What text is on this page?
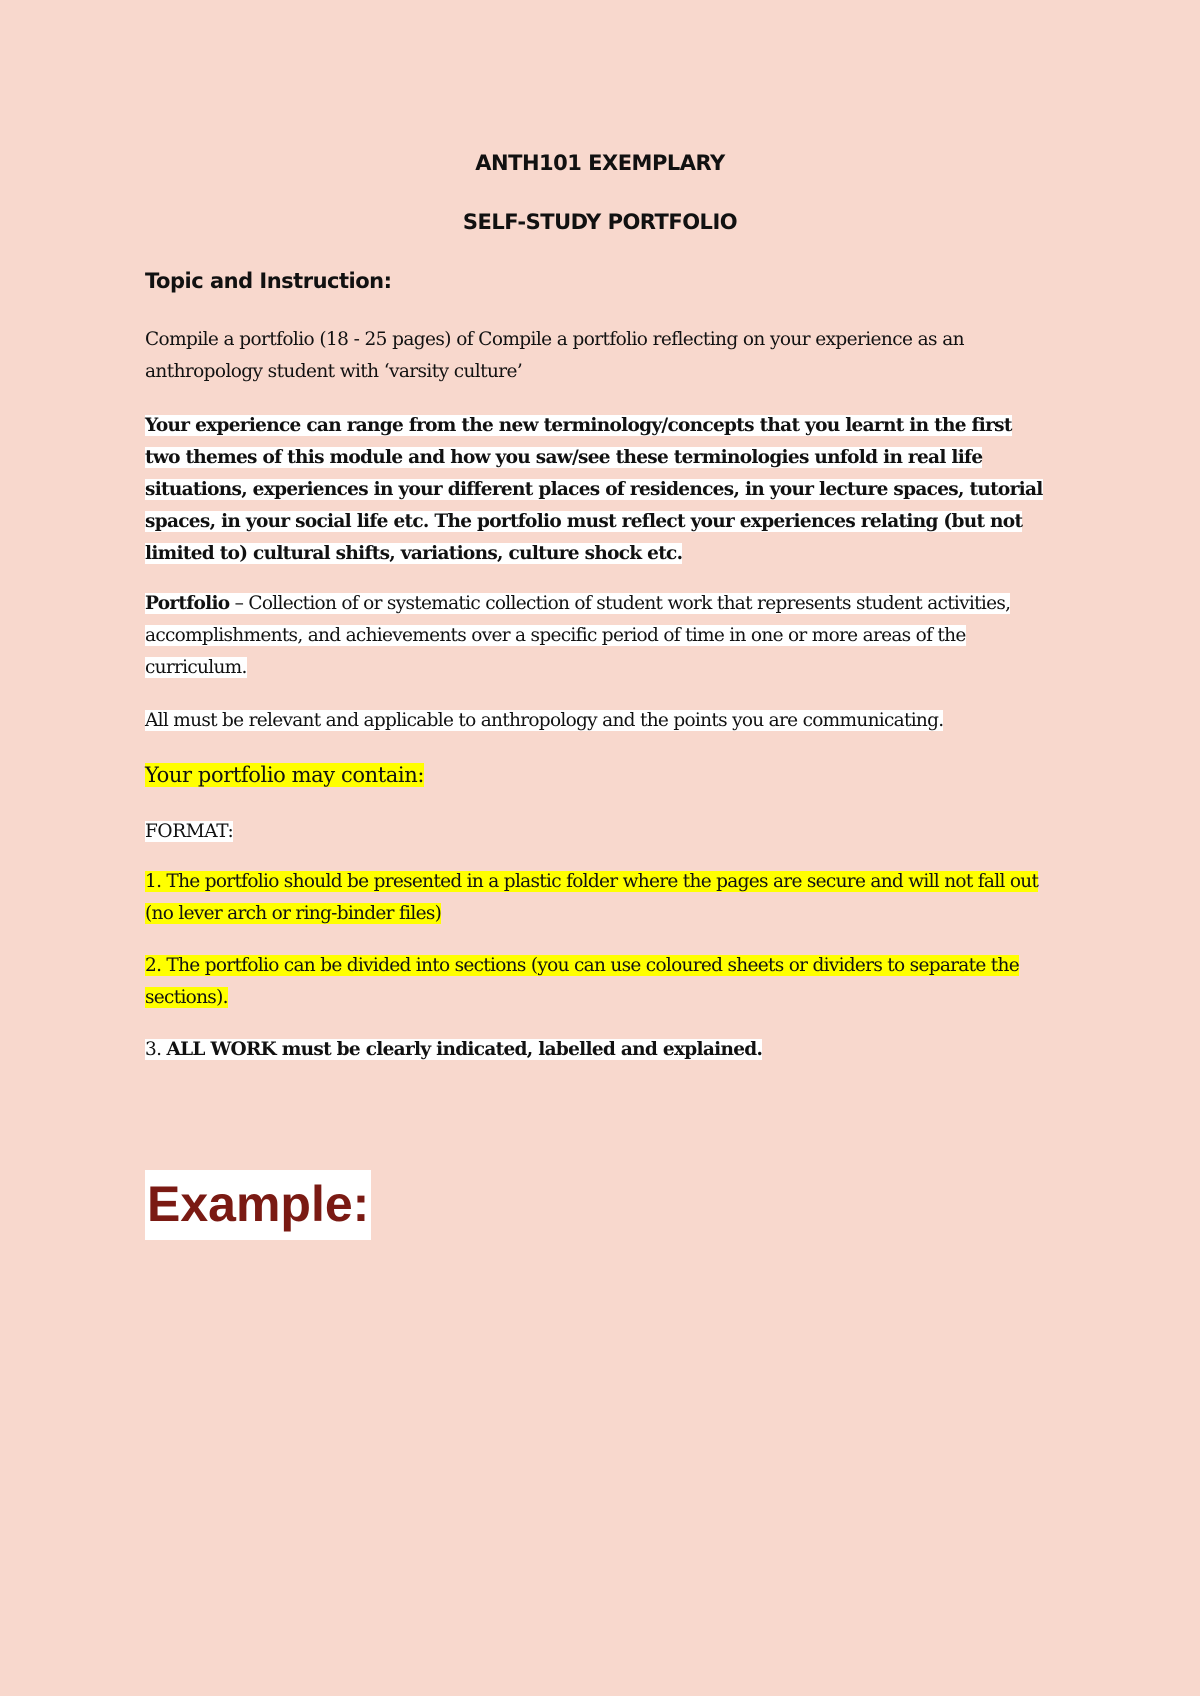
ANTH101 EXEMPLARY
SELF-STUDY PORTFOLIO
Topic and Instruction:
Compile a portfolio (18 - 25 pages) of Compile a portfolio reflecting on your experience as an anthropology student with ‘varsity culture’
Your experience can range from the new terminology/concepts that you learnt in the first two themes of this module and how you saw/see these terminologies unfold in real life situations, experiences in your different places of residences, in your lecture spaces, tutorial spaces, in your social life etc. The portfolio must reflect your experiences relating (but not limited to) cultural shifts, variations, culture shock etc.
Portfolio – Collection of or systematic collection of student work that represents student activities, accomplishments, and achievements over a specific period of time in one or more areas of the curriculum.
All must be relevant and applicable to anthropology and the points you are communicating.
Your portfolio may contain:
FORMAT:
1. The portfolio should be presented in a plastic folder where the pages are secure and will not fall out (no lever arch or ring-binder files)
2. The portfolio can be divided into sections (you can use coloured sheets or dividers to separate the sections).
3. ALL WORK must be clearly indicated, labelled and explained.
Example:
